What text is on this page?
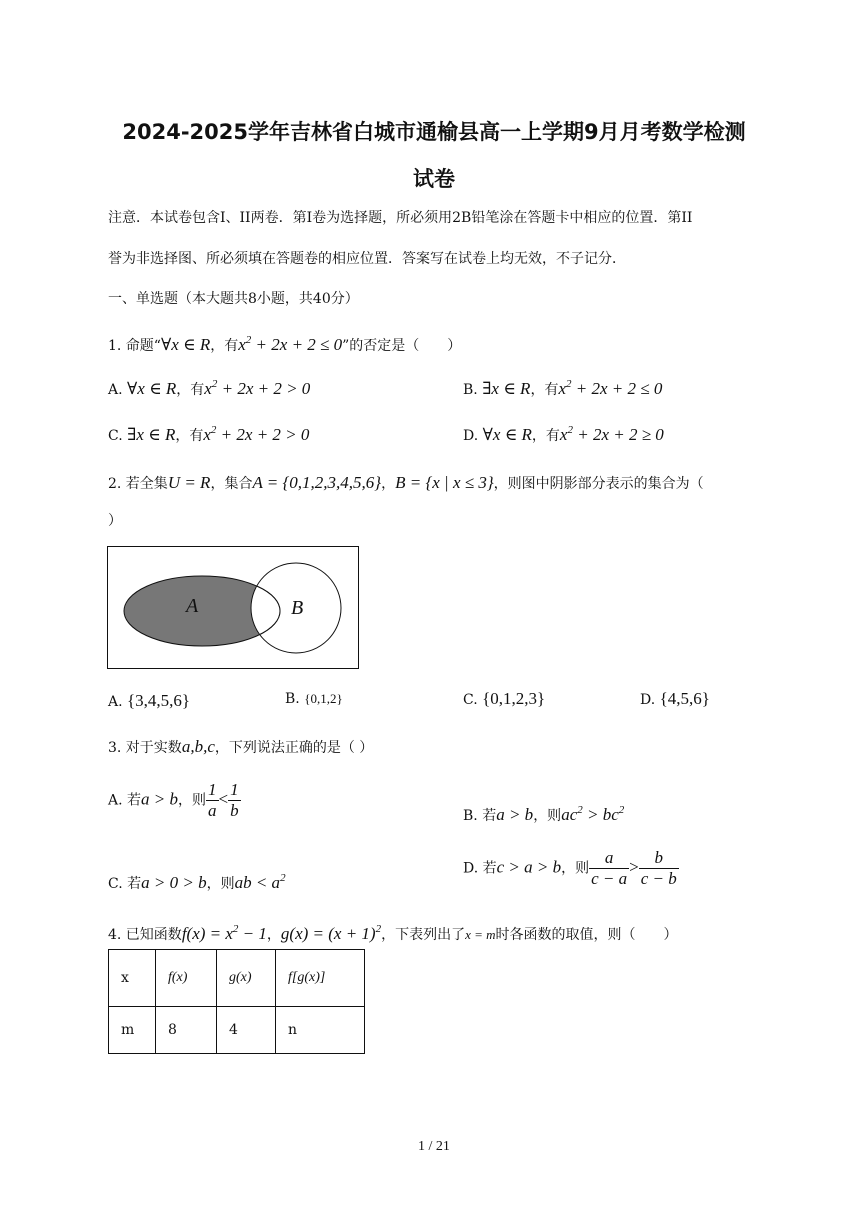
2024-2025学年吉林省白城市通榆县高一上学期9月月考数学检测
试卷
注意．本试卷包含I、II两卷．第I卷为选择题，所必须用2B铅笔涂在答题卡中相应的位置．第II
誉为非选择图、所必须填在答题卷的相应位置．答案写在试卷上均无效，不子记分．
一、单选题（本大题共8小题，共40分）
1. 命题“∀x ∈ R，有$x^2 + 2x + 2 \le 0$”的否定是（　　）
A. ∀x ∈ R，有$x^2 + 2x + 2 > 0$	B. ∃x ∈ R，有$x^2 + 2x + 2 \le 0$
C. ∃x ∈ R，有$x^2 + 2x + 2 > 0$	D. ∀x ∈ R，有$x^2 + 2x + 2 \ge 0$
2. 若全集U = R，集合A = {0,1,2,3,4,5,6}，B = {x | x ≤ 3}，则图中阴影部分表示的集合为（
）
A	B
A. {3,4,5,6}	B. {0,1,2}	C. {0,1,2,3}	D. {4,5,6}
3. 对于实数a,b,c，下列说法正确的是（ ）
A. 若a > b，则 $\frac{1}{a} < \frac{1}{b}$	B. 若a > b，则$ac^2 > bc^2$
C. 若a > 0 > b，则ab < $a^2$
D. 若c > a > b，则 $\frac{a}{c - a} > \frac{b}{c - b}$
4. 已知函数$f(x) = x^2 - 1$，$g(x) = (x + 1)^2$，下表列出了x = m时各函数的取值，则（　　）
x	f(x)	g(x)	f[g(x)]
m	8	4	n
1 / 21
